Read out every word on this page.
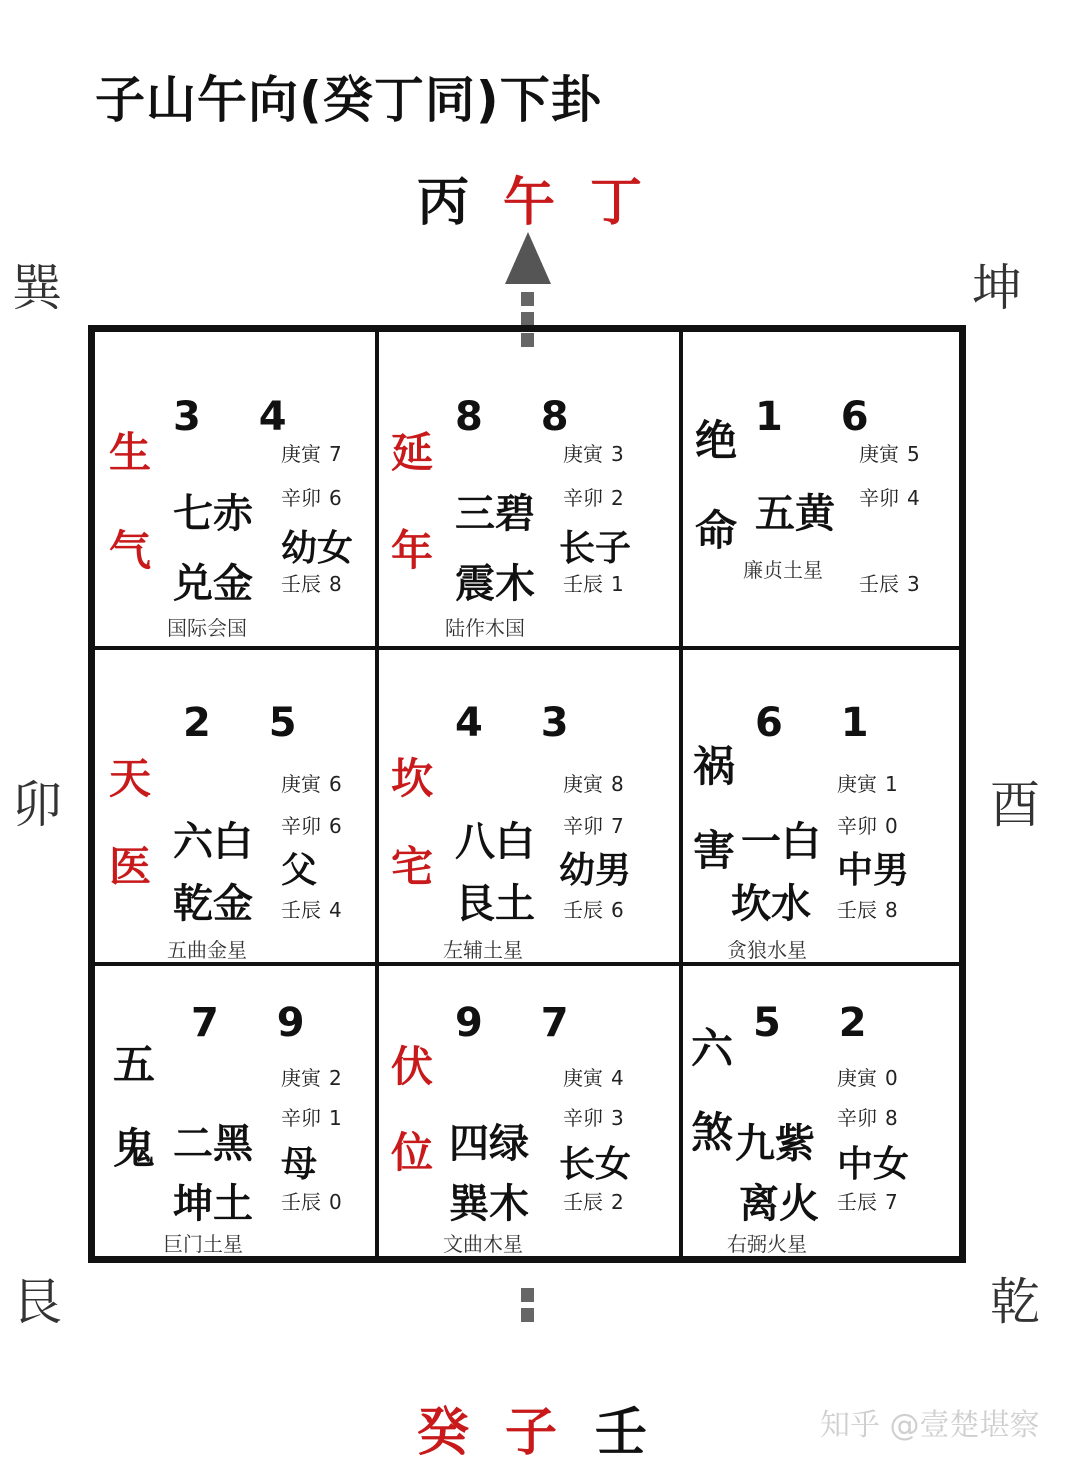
子山午向(癸丁同)下卦
丙 午 丁
巽	坤
卯	酉
艮	乾
3 4
生
气
七赤
兑金
幼女
庚寅 7
辛卯 6
壬辰 8
国际会国
8 8
延
年
三碧
震木
长子
庚寅 3
辛卯 2
壬辰 1
陆作木国
1 6
绝
命 五黄
庚寅 5
辛卯 4
壬辰 3
廉贞土星
2 5
天
医 六白
乾金
父
庚寅 6
辛卯 6
壬辰 4
五曲金星
4 3
坎
宅 八白
艮土
幼男
庚寅 8
辛卯 7
壬辰 6
左辅土星
6 1
祸
害 一白
坎水
中男
庚寅 1
辛卯 0
壬辰 8
贪狼水星
7 9
五
鬼 二黑
坤土
母
庚寅 2
辛卯 1
壬辰 0
巨门土星
9 7
伏
位 四绿
巽木
长女
庚寅 4
辛卯 3
壬辰 2
文曲木星
5 2
六
煞 九紫
离火
中女
庚寅 0
辛卯 8
壬辰 7
右弼火星
癸 子 壬	知乎 @壹楚堪察
